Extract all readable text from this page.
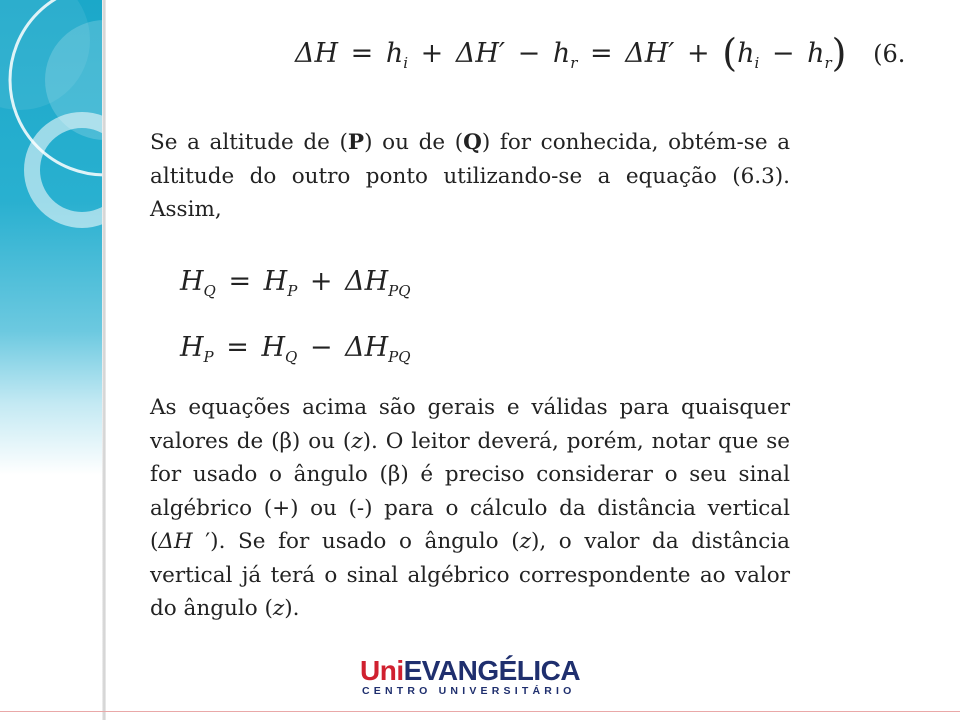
$\Delta H = h_i + \Delta H' - h_r = \Delta H' + (h_i - h_r)$ (6.

Se a altitude de (P) ou de (Q) for conhecida, obtém-se a altitude do outro ponto utilizando-se a equação (6.3). Assim,

$H_Q = H_P + \Delta H_{PQ}$
$H_P = H_Q - \Delta H_{PQ}$

As equações acima são gerais e válidas para quaisquer valores de (β) ou (z). O leitor deverá, porém, notar que se for usado o ângulo (β) é preciso considerar o seu sinal algébrico (+) ou (-) para o cálculo da distância vertical (ΔH ′). Se for usado o ângulo (z), o valor da distância vertical já terá o sinal algébrico correspondente ao valor do ângulo (z).

UniEVANGÉLICA
CENTRO UNIVERSITÁRIO
